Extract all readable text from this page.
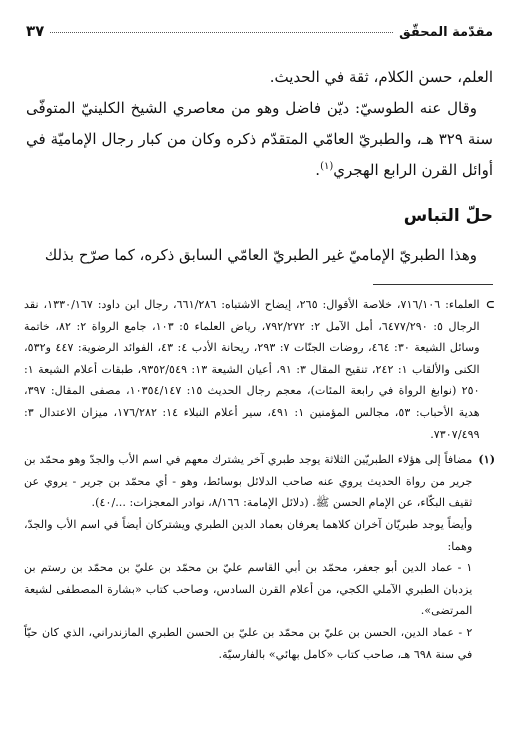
مقدّمة المحقّق
٣٧

العلم، حسن الكلام، ثقة في الحديث.

وقال عنه الطوسيّ: ديّن فاضل وهو من معاصري الشيخ الكلينيّ المتوفّى سنة ٣٢٩ هـ، والطبريّ العامّي المتقدّم ذكره وكان من كبار رجال الإماميّة في أوائل القرن الرابع الهجري$^{(١)}$.

حلّ التباس
وهذا الطبريّ الإماميّ غير الطبريّ العامّي السابق ذكره، كما صرّح بذلك
⊃

العلماء: ٧١٦/١٠٦، خلاصة الأقوال: ٢٦٥، إيضاح الاشتباه: ٦٦١/٢٨٦، رجال ابن داود: ١٣٣٠/١٦٧، نقد الرجال ٥: ٦٤٧٧/٢٩٠، أمل الآمل ٢: ٧٩٢/٢٧٢، رياض العلماء ٥: ١٠٣، جامع الرواة ٢: ٨٢، خاتمة وسائل الشيعة ٣٠: ٤٦٤، روضات الجنّات ٧: ٢٩٣، ريحانة الأدب ٤: ٤٣، الفوائد الرضوية: ٤٤٧ و٥٣٢، الكنى والألقاب ١: ٢٤٢، تنقيح المقال ٣: ٩١، أعيان الشيعة ١٣: ٩٣٥٢/٥٤٩، طبقات أعلام الشيعة ١: ٢٥٠ (نوابغ الرواة في رابعة المئات)، معجم رجال الحديث ١٥: ١٠٣٥٤/١٤٧، مصفى المقال: ٣٩٧، هدية الأحباب: ٥٣، مجالس المؤمنين ١: ٤٩١، سير أعلام النبلاء ١٤: ١٧٦/٢٨٢، ميزان الاعتدال ٣: ٧٣٠٧/٤٩٩.

(١)

مضافاً إلى هؤلاء الطبريّين الثلاثة يوجد طبري آخر يشترك معهم في اسم الأب والجدّ وهو محمّد بن جرير من رواة الحديث يروي عنه صاحب الدلائل بوسائط، وهو - أي محمّد بن جرير - يروي عن ثقيف البكّاء، عن الإمام الحسن ﷺ. (دلائل الإمامة: ٨/١٦٦، نوادر المعجزات: .../٤٠).

وأيضاً يوجد طبريّان آخران كلاهما يعرفان بعماد الدين الطبري ويشتركان أيضاً في اسم الأب والجدّ، وهما:

١ - عماد الدين أبو جعفر، محمّد بن أبي القاسم عليّ بن محمّد بن عليّ بن محمّد بن رستم بن يزدبان الطبري الآملي الكجي، من أعلام القرن السادس، وصاحب كتاب «بشارة المصطفى لشيعة المرتضى».

٢ - عماد الدين، الحسن بن عليّ بن محمّد بن عليّ بن الحسن الطبري المازندراني، الذي كان حيّاً في سنة ٦٩٨ هـ، صاحب كتاب «كامل بهائي» بالفارسيّة.
